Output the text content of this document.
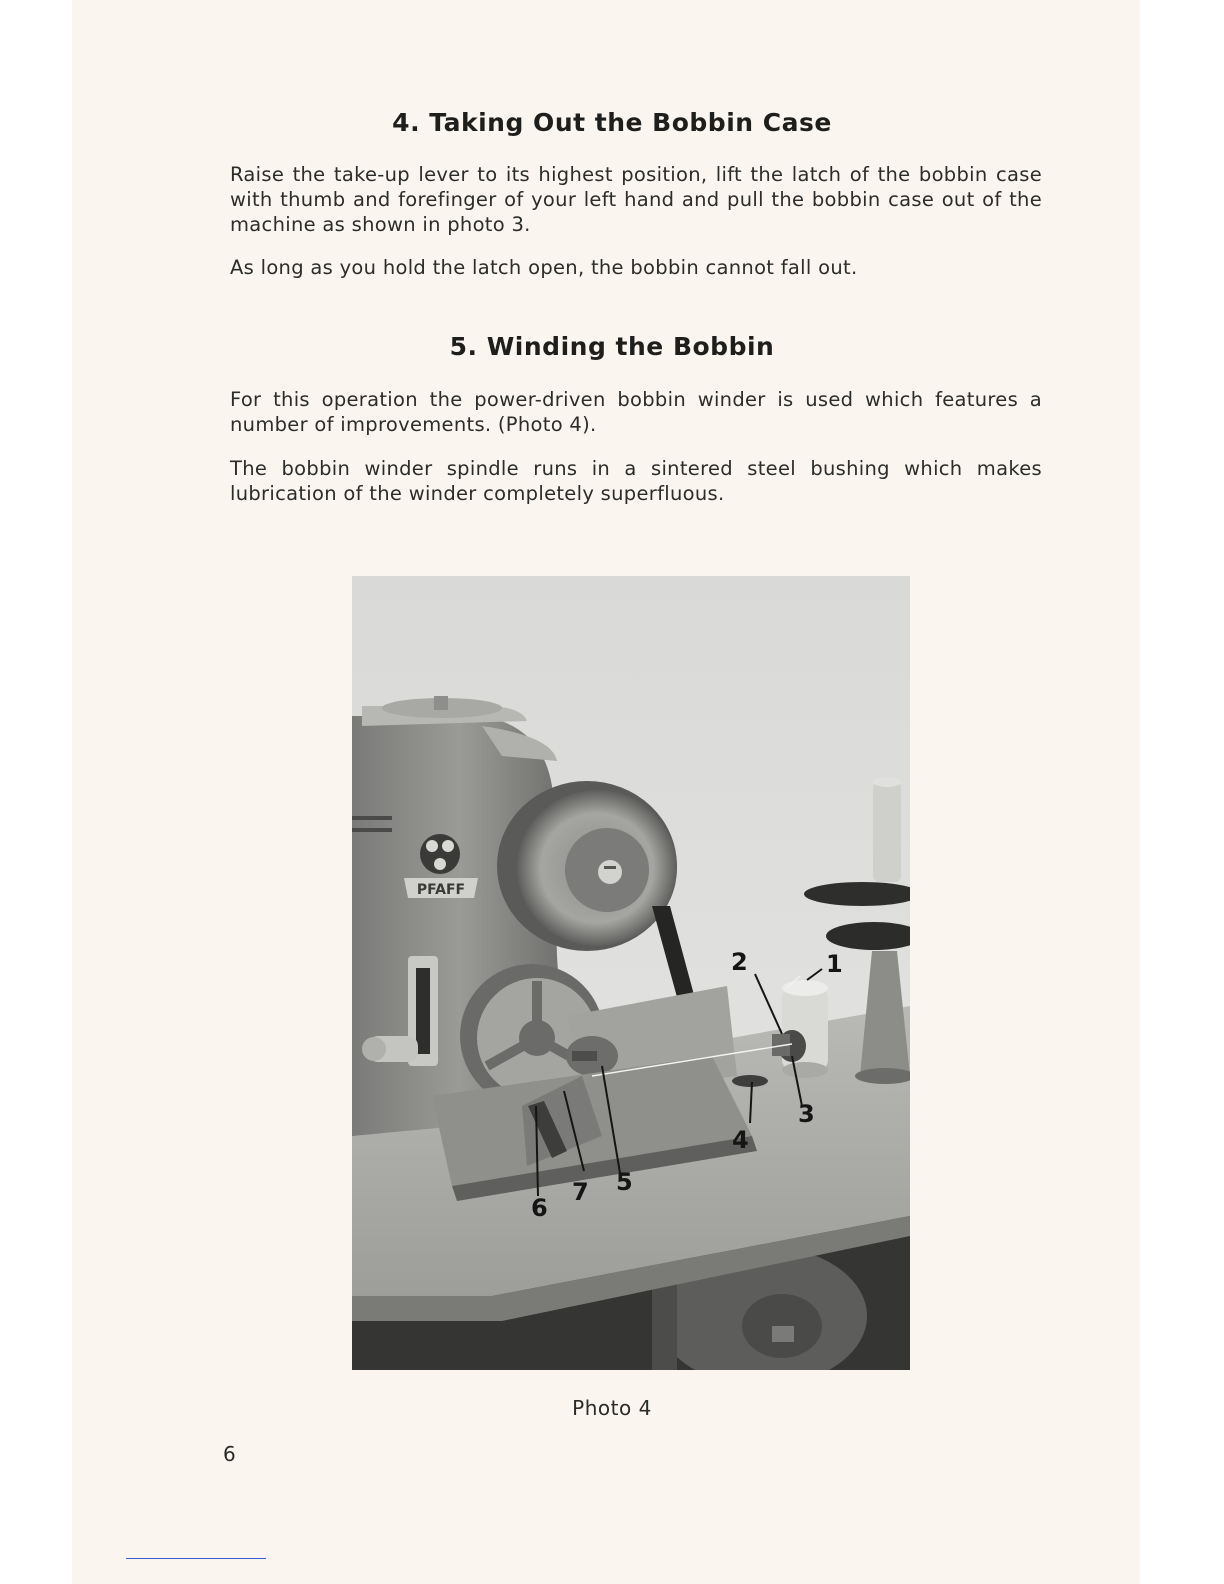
4. Taking Out the Bobbin Case

Raise the take-up lever to its highest position, lift the latch of the bobbin case with thumb and forefinger of your left hand and pull the bobbin case out of the machine as shown in photo 3.

As long as you hold the latch open, the bobbin cannot fall out.

5. Winding the Bobbin

For this operation the power-driven bobbin winder is used which features a number of improvements. (Photo 4).

The bobbin winder spindle runs in a sintered steel bushing which makes lubrication of the winder completely superfluous.

PFAFF
1
2
3
4
5
6
7
Photo 4
6
